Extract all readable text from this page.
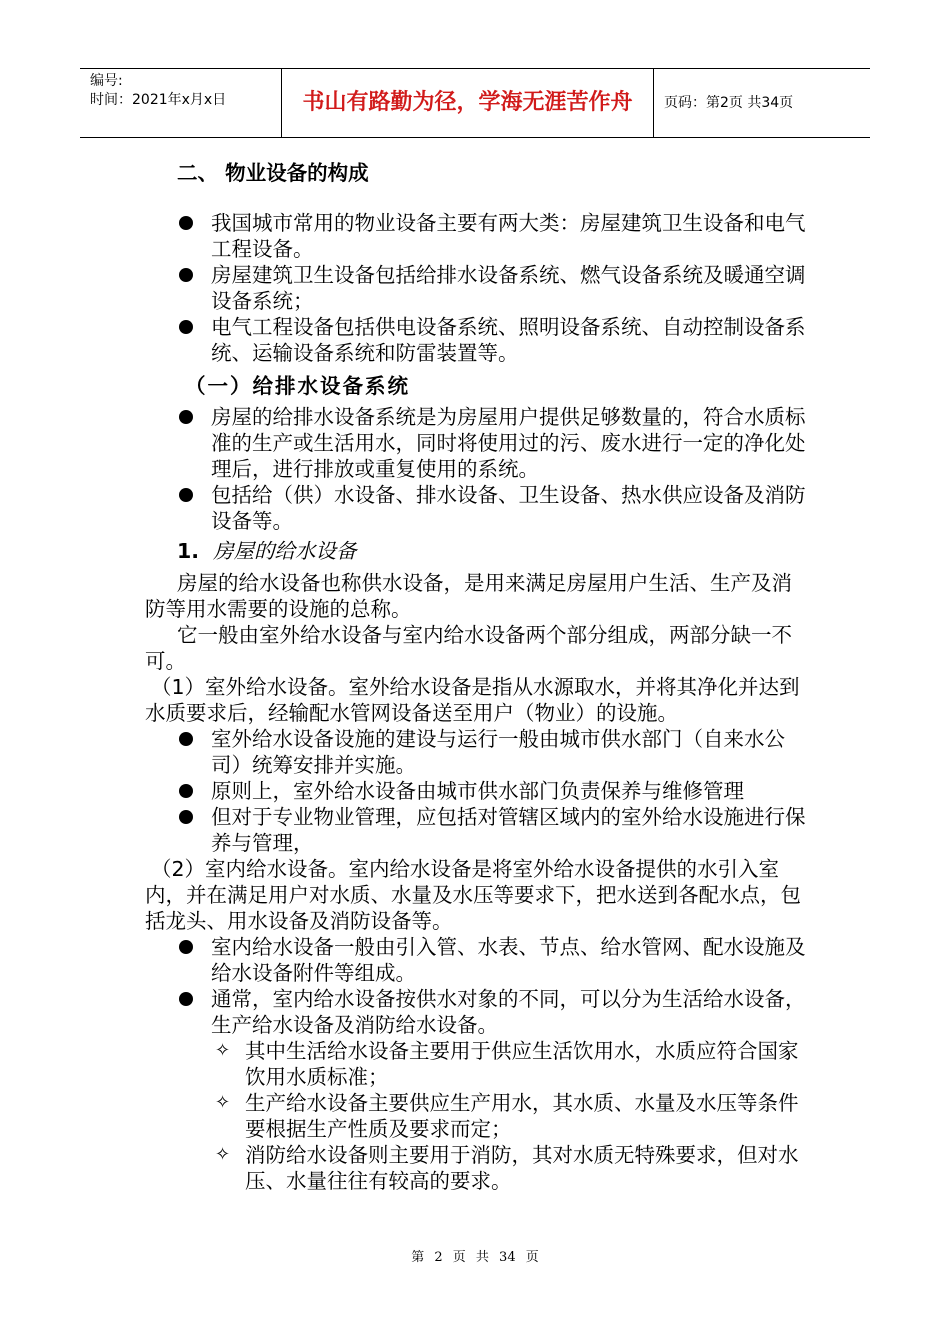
编号:
时间：2021年x月x日	书山有路勤为径，学海无涯苦作舟	页码：第2页 共34页

二、 物业设备的构成

我国城市常用的物业设备主要有两大类：房屋建筑卫生设备和电气工程设备。
房屋建筑卫生设备包括给排水设备系统、燃气设备系统及暖通空调设备系统；
电气工程设备包括供电设备系统、照明设备系统、自动控制设备系统、运输设备系统和防雷装置等。

（一）给排水设备系统

房屋的给排水设备系统是为房屋用户提供足够数量的，符合水质标准的生产或生活用水，同时将使用过的污、废水进行一定的净化处理后，进行排放或重复使用的系统。
包括给（供）水设备、排水设备、卫生设备、热水供应设备及消防设备等。

1. 房屋的给水设备

房屋的给水设备也称供水设备，是用来满足房屋用户生活、生产及消防等用水需要的设施的总称。

它一般由室外给水设备与室内给水设备两个部分组成，两部分缺一不可。

（1）室外给水设备。室外给水设备是指从水源取水，并将其净化并达到水质要求后，经输配水管网设备送至用户（物业）的设施。

室外给水设备设施的建设与运行一般由城市供水部门（自来水公司）统筹安排并实施。
原则上，室外给水设备由城市供水部门负责保养与维修管理
但对于专业物业管理，应包括对管辖区域内的室外给水设施进行保养与管理，

（2）室内给水设备。室内给水设备是将室外给水设备提供的水引入室内，并在满足用户对水质、水量及水压等要求下，把水送到各配水点，包括龙头、用水设备及消防设备等。

室内给水设备一般由引入管、水表、节点、给水管网、配水设施及给水设备附件等组成。
通常，室内给水设备按供水对象的不同，可以分为生活给水设备，生产给水设备及消防给水设备。
✧ 其中生活给水设备主要用于供应生活饮用水，水质应符合国家饮用水质标准；
✧ 生产给水设备主要供应生产用水，其水质、水量及水压等条件要根据生产性质及要求而定；
✧ 消防给水设备则主要用于消防，其对水质无特殊要求，但对水压、水量往往有较高的要求。
第 2 页 共 34 页
